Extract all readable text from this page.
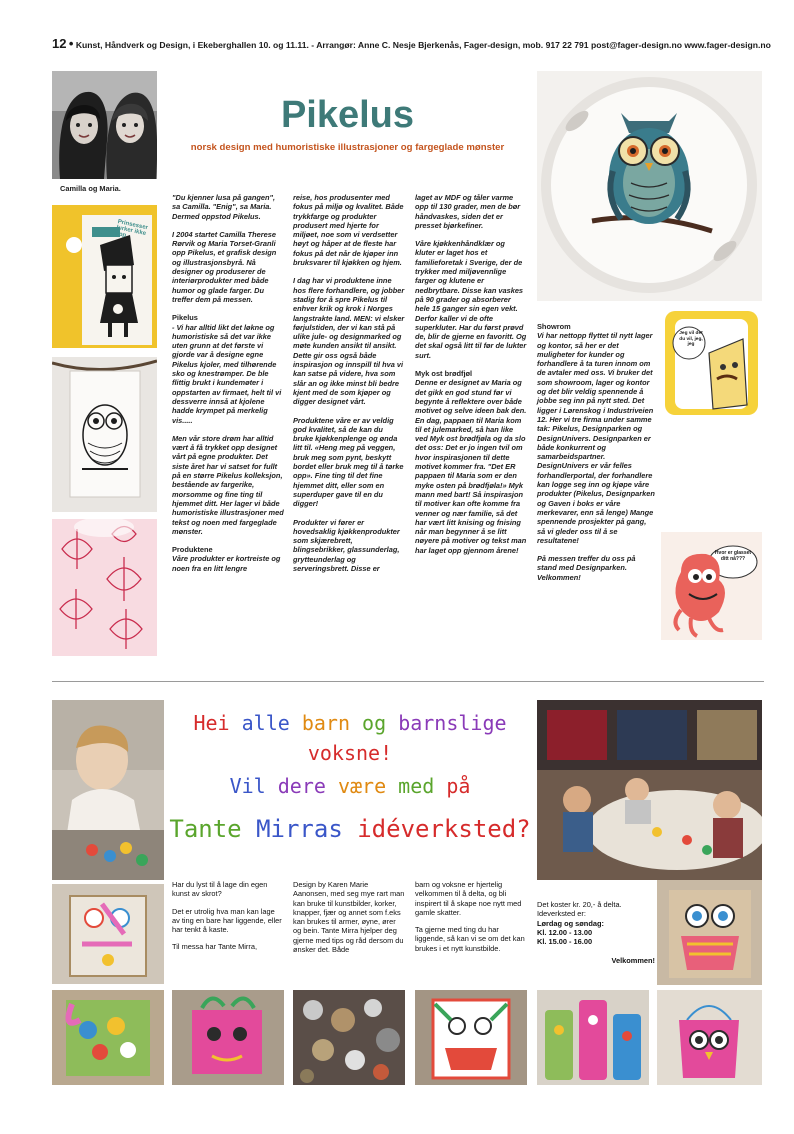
12 • Kunst, Håndverk og Design, i Ekeberghallen 10. og 11.11. - Arrangør: Anne C. Nesje Bjerkenås, Fager-design, mob. 917 22 791 post@fager-design.no www.fager-design.no
Camilla og Maria.
Pikelus
norsk design med humoristiske illustrasjoner og fargeglade mønster
Prinsesser lurker ikke opp

"Du kjenner lusa på gangen", sa Camilla. "Enig", sa Maria. Dermed oppstod Pikelus.

I 2004 startet Camilla Therese Rørvik og Maria Torset-Granli opp Pikelus, et grafisk design og illustrasjonsbyrå. Nå designer og produserer de interiørprodukter med både humor og glade farger. Du treffer dem på messen.

Pikelus
- Vi har alltid likt det løkne og humoristiske så det var ikke uten grunn at det første vi gjorde var å designe egne Pikelus kjoler, med tilhørende sko og knestrømper. De ble flittig brukt i kundemøter i oppstarten av firmaet, helt til vi dessverre innså at kjolene hadde krympet på merkelig vis.....

Men vår store drøm har alltid vært å få trykket opp designet vårt på egne produkter. Det siste året har vi satset for fullt på en større Pikelus kolleksjon, bestående av fargerike, morsomme og fine ting til hjemmet ditt. Her lager vi både humoristiske illustrasjoner med tekst og noen med fargeglade mønster.

Produktene
Våre produkter er kortreiste og noen fra en litt lengre

reise, hos produsenter med fokus på miljø og kvalitet. Både trykkfarge og produkter produsert med hjerte for miljøet, noe som vi verdsetter høyt og håper at de fleste har fokus på det når de kjøper inn bruksvarer til kjøkken og hjem.

I dag har vi produktene inne hos flere forhandlere, og jobber stadig for å spre Pikelus til enhver krik og krok i Norges langstrakte land. MEN: vi elsker førjulstiden, der vi kan stå på ulike jule- og designmarked og møte kunden ansikt til ansikt. Dette gir oss også både inspirasjon og innspill til hva vi kan satse på videre, hva som slår an og ikke minst bli bedre kjent med de som kjøper og digger designet vårt.

Produktene våre er av veldig god kvalitet, så de kan du bruke kjøkkenplenge og ønda litt til. «Heng meg på veggen, bruk meg som pynt, beskytt bordet eller bruk meg til å tørke opp». Fine ting til det fine hjemmet ditt, eller som en superduper gave til en du digger!

Produkter vi fører er hovedsaklig kjøkkenprodukter som skjærebrett, blingsebrikker, glassunderlag, grytteunderlag og serveringsbrett. Disse er

laget av MDF og tåler varme opp til 130 grader, men de bør håndvaskes, siden det er presset bjørkefiner.

Våre kjøkkenhåndklær og kluter er laget hos et familieforetak i Sverige, der de trykker med miljøvennlige farger og klutene er nedbrytbare. Disse kan vaskes på 90 grader og absorberer hele 15 ganger sin egen vekt. Derfor kaller vi de ofte superkluter. Har du først prøvd de, blir de gjerne en favoritt. Og det skal også litt til før de lukter surt.

Myk ost brødfjøl
Denne er designet av Maria og det gikk en god stund før vi begynte å reflektere over både motivet og selve ideen bak den. En dag, pappaen til Maria kom til et julemarked, så han like ved Myk ost brødfjøla og da slo det oss: Det er jo ingen tvil om hvor inspirasjonen til dette motivet kommer fra. "Det ER pappaen til Maria som er den myke osten på brødfjøla!» Myk mann med bart! Så inspirasjon til motiver kan ofte komme fra venner og nær familie, så det har vært litt knising og fnising når man begynner å se litt nøyere på motiver og tekst man har laget opp gjennom årene!

Jeg vil det du vil, jeg, jeg
Hvor er glasset ditt nå???

Showrom
Vi har nettopp flyttet til nytt lager og kontor, så her er det muligheter for kunder og forhandlere å ta turen innom om de avtaler med oss. Vi bruker det som showroom, lager og kontor og det blir veldig spennende å jobbe seg inn på nytt sted. Det ligger i Lørenskog i Industriveien 12. Her vi tre firma under samme tak: Pikelus, Designparken og DesignUnivers. Designparken er både konkurrent og samarbeidspartner. DesignUnivers er vår felles forhandlerportal, der forhandlere kan logge seg inn og kjøpe våre produkter (Pikelus, Designparken og Gaven i boks er våre merkevarer, enn så lenge) Mange spennende prosjekter på gang, så vi gleder oss til å se resultatene!

På messen treffer du oss på stand med Designparken. Velkommen!

Hei alle barn og barnslige voksne!
Vil dere være med på
Tante Mirras idéverksted?

Har du lyst til å lage din egen kunst av skrot?

Det er utrolig hva man kan lage av ting en bare har liggende, eller har tenkt å kaste.

Til messa har Tante Mirra,

Design by Karen Marie Aanonsen, med seg mye rart man kan bruke til kunstbilder, korker, knapper, fjær og annet som f.eks kan brukes til armer, øyne, ører og bein. Tante Mirra hjelper deg gjerne med tips og råd dersom du ønsker det. Både

barn og voksne er hjertelig velkommen til å delta, og bli inspirert til å skape noe nytt med gamle skatter.

Ta gjerne med ting du har liggende, så kan vi se om det kan brukes i et nytt kunstbilde.

Det koster kr. 20,- å delta.
Ideverksted er:
Lørdag og søndag:
Kl. 12.00 - 13.00
Kl. 15.00 - 16.00
Velkommen!
